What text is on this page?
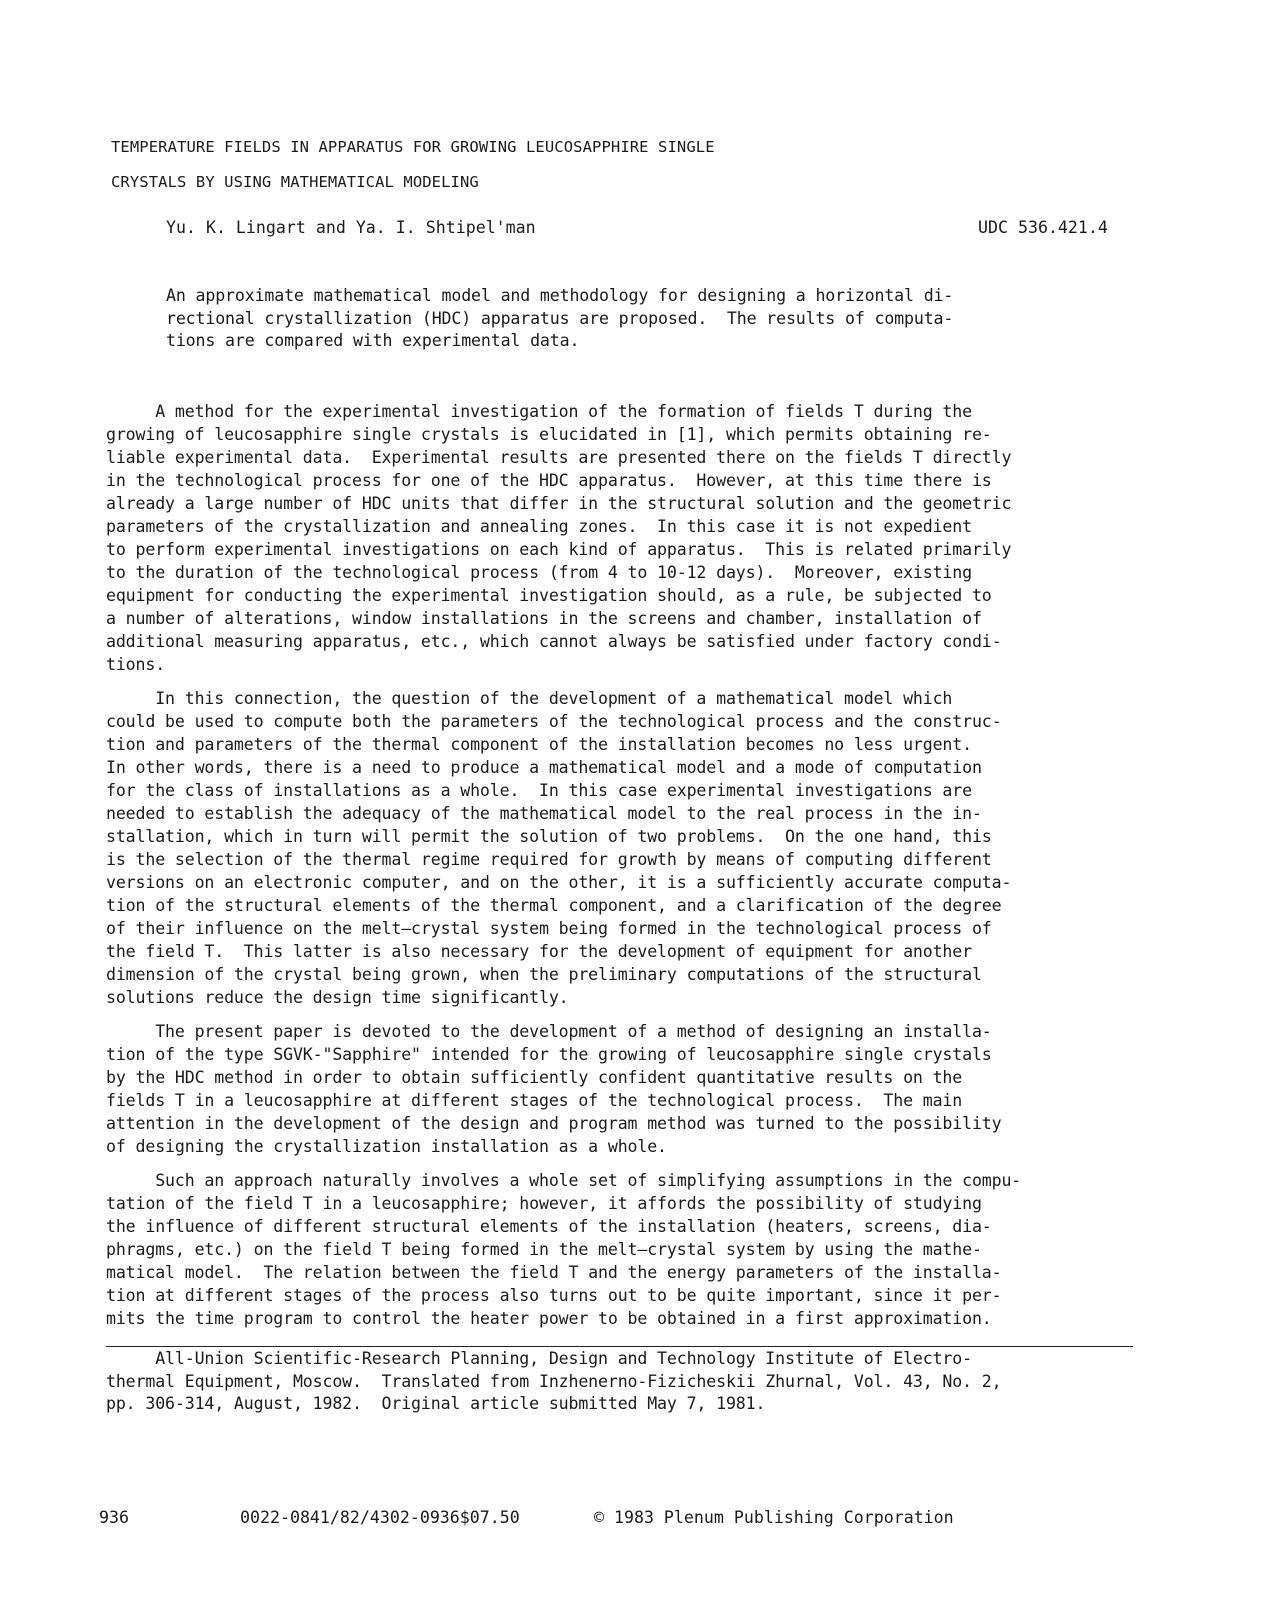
TEMPERATURE FIELDS IN APPARATUS FOR GROWING LEUCOSAPPHIRE SINGLE
CRYSTALS BY USING MATHEMATICAL MODELING
Yu. K. Lingart and Ya. I. Shtipel'man	UDC 536.421.4
An approximate mathematical model and methodology for designing a horizontal di-
rectional crystallization (HDC) apparatus are proposed.  The results of computa-
tions are compared with experimental data.
A method for the experimental investigation of the formation of fields T during the
growing of leucosapphire single crystals is elucidated in [1], which permits obtaining re-
liable experimental data.  Experimental results are presented there on the fields T directly
in the technological process for one of the HDC apparatus.  However, at this time there is
already a large number of HDC units that differ in the structural solution and the geometric
parameters of the crystallization and annealing zones.  In this case it is not expedient
to perform experimental investigations on each kind of apparatus.  This is related primarily
to the duration of the technological process (from 4 to 10-12 days).  Moreover, existing
equipment for conducting the experimental investigation should, as a rule, be subjected to
a number of alterations, window installations in the screens and chamber, installation of
additional measuring apparatus, etc., which cannot always be satisfied under factory condi-
tions.
In this connection, the question of the development of a mathematical model which
could be used to compute both the parameters of the technological process and the construc-
tion and parameters of the thermal component of the installation becomes no less urgent.
In other words, there is a need to produce a mathematical model and a mode of computation
for the class of installations as a whole.  In this case experimental investigations are
needed to establish the adequacy of the mathematical model to the real process in the in-
stallation, which in turn will permit the solution of two problems.  On the one hand, this
is the selection of the thermal regime required for growth by means of computing different
versions on an electronic computer, and on the other, it is a sufficiently accurate computa-
tion of the structural elements of the thermal component, and a clarification of the degree
of their influence on the melt—crystal system being formed in the technological process of
the field T.  This latter is also necessary for the development of equipment for another
dimension of the crystal being grown, when the preliminary computations of the structural
solutions reduce the design time significantly.
The present paper is devoted to the development of a method of designing an installa-
tion of the type SGVK-"Sapphire" intended for the growing of leucosapphire single crystals
by the HDC method in order to obtain sufficiently confident quantitative results on the
fields T in a leucosapphire at different stages of the technological process.  The main
attention in the development of the design and program method was turned to the possibility
of designing the crystallization installation as a whole.
Such an approach naturally involves a whole set of simplifying assumptions in the compu-
tation of the field T in a leucosapphire; however, it affords the possibility of studying
the influence of different structural elements of the installation (heaters, screens, dia-
phragms, etc.) on the field T being formed in the melt—crystal system by using the mathe-
matical model.  The relation between the field T and the energy parameters of the installa-
tion at different stages of the process also turns out to be quite important, since it per-
mits the time program to control the heater power to be obtained in a first approximation.
All-Union Scientific-Research Planning, Design and Technology Institute of Electro-
thermal Equipment, Moscow.  Translated from Inzhenerno-Fizicheskii Zhurnal, Vol. 43, No. 2,
pp. 306-314, August, 1982.  Original article submitted May 7, 1981.
936	0022-0841/82/4302-0936$07.50	© 1983 Plenum Publishing Corporation
